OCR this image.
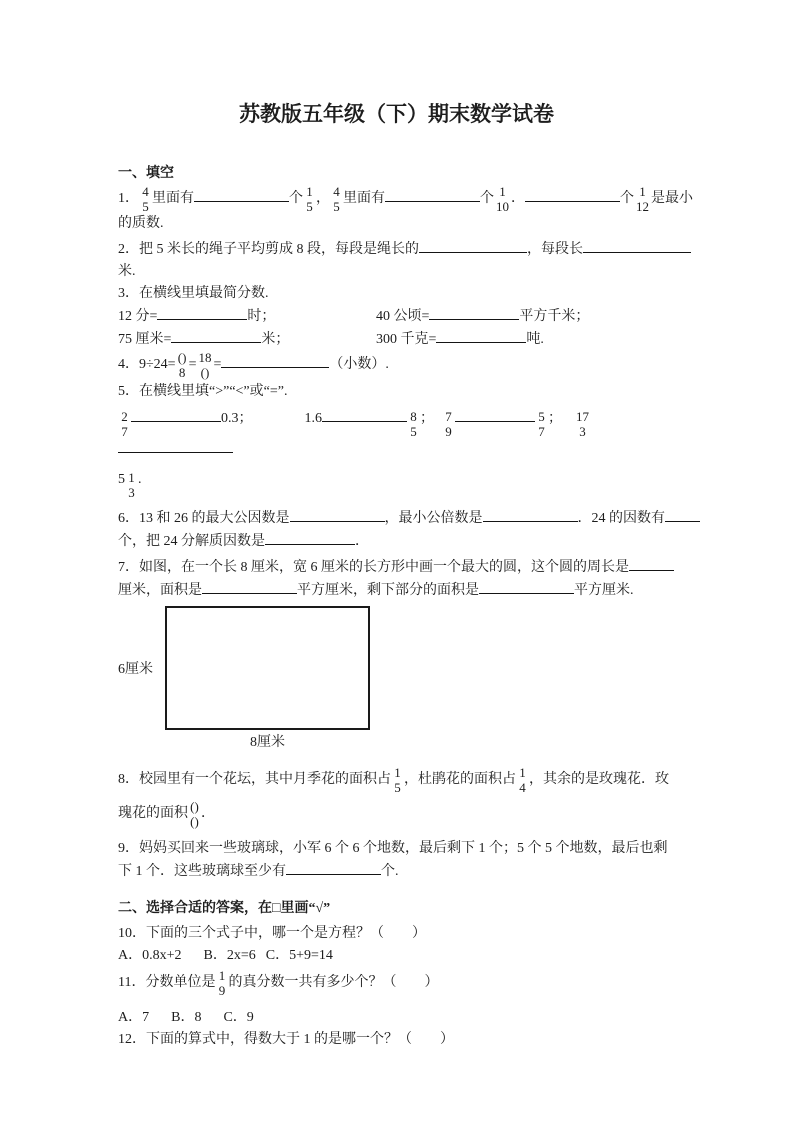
苏教版五年级（下）期末数学试卷
一、填空
1． 4
5
里面有	个 1
5
， 4
5
里面有	个 1
10
．	个 1
12
是最小
的质数.
2．把 5 米长的绳子平均剪成 8 段，每段是绳长的	，每段长米.
3．在横线里填最简分数.
12 分=	时；	40 公顷=	平方千米；
75 厘米=	米；	300 千克=	吨.
4．9÷24= ()
8
= 18
()
=	（小数）.
5．在横线里填“>”“<”或“=”.
2
7
0.3；	1.6	8
5
； 7
9
5
7
； 17
3
5 1
3
.
6．13 和 26 的最大公因数是	，最小公倍数是	．24 的因数有
个，把 24 分解质因数是	．
7．如图，在一个长 8 厘米，宽 6 厘米的长方形中画一个最大的圆，这个圆的周长是
厘米，面积是	平方厘米，剩下部分的面积是	平方厘米.
6厘米
8厘米
8．校园里有一个花坛，其中月季花的面积占 1
5
，杜鹃花的面积占 1
4
，其余的是玫瑰花．玫
瑰花的面积 ()
()
．
9．妈妈买回来一些玻璃球，小军 6 个 6 个地数，最后剩下 1 个；5 个 5 个地数，最后也剩
下 1 个．这些玻璃球至少有	个.
二、选择合适的答案，在□里画“√”
10．下面的三个式子中，哪一个是方程？（　　）
A．0.8x+2 B．2x=6 C．5+9=14
11．分数单位是 1
9
的真分数一共有多少个？（　　）
A．7 B．8 C．9
12．下面的算式中，得数大于 1 的是哪一个？（　　）
